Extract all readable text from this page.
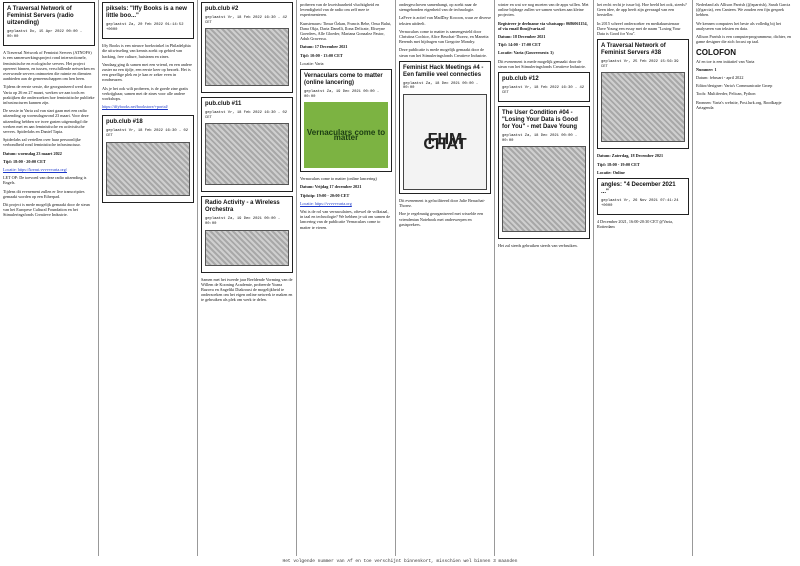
A Traversal Network of Feminist Servers (radio uitzending)
geplaatst Do, 15 Apr 2022 00:00 - 00:00

A Traversal Network of Feminist Servers (ATNOFS) is een samenwerkingsproject rond intersectionele, feministische en ecologische servers. Het project opereert binnen, en tussen, verschillende netwerken en overwonde servers ontmoeten die ruimte en diensten aanbieden aan de gemeenschappen om hen heen.

Tijdens de eerste sessie, die georganiseerd werd door Varia op 26 en 27 maart, werken we aan tools en praktijken die onderzoeken hoe feministische publieke infrastructuren kunnen zijn.

De sessie in Varia zal van start gaan met een radio uitzending op woensdagavond 23 maart. Voor deze uitzending hebben we twee gasten uitgenodigd die werken met en aan feministische en activistische servers. Spiderlabs en Daniel Tapia.

Spiderlabs zal vertellen over haar persoonlijke verbondheid rond feministische infrastructuur.

Datum: woensdag 23 maart 2022

Tijd: 18:00 - 20:00 CET

Locatie: https://kreast.vvvvvvaria.org/

LET OP: De toevoed van deze radio uitzending is Engels.

Tijdens dit evenement zullen er live transcripties gemaakt worden op een Etherpad.

Dit project is mede mogelijk gemaakt door de steun van het Europese Cultural Foundation en het Stimuleringsfonds Creatieve Industrie.

piksels: "Iffy Books is a new little boo..."
geplaatst Za, 20 Feb 2022 01:14:52 +0000

Iffy Books is een nieuwe boekwinkel in Philadelphia die uitwisseling van kennis zoekt op gebied van hacking, free culture, huisteam en zines.

Vandaag ging ik samen met een vriend, en een andere zuster na een tijdje, een eerste keer op bezoek. Het is een gezellige plek en je kan er zeker even in rondneuzen.

Als je het ook wilt proberen, is de goede zine gratis verkrijgbaar, samen met de zines voor alle andere workshops.

https://iffybooks.net/bookstore/+portal/

pub.club #18
geplaatst Vr, 18 Feb 2022 16:30 - 02 CET
pub.club #2
geplaatst Vr, 18 Feb 2022 16:30 - 42 CET
pub.club #11
geplaatst Vr, 18 Feb 2022 16:30 - 02 CET
Radio Activity - a Wireless Orchestra
geplaatst Za, 19 Dec 2021 00:00 - 00:00

Samen met het tweede jaar Beeldende Vorming van de Willem de Kooning Academie, probeerde Yoana Buzova en Angeliki Diakrousi de mogelijkheid te onderzoeken om het eigen online netwerk te maken en te gebruiken als plek om werk te delen.

proberen van de kwetsbaarheid vluchtigheid en levendigheid van de radio om zelf mee te experimenteren.

Kunstenaars: Timur Özkan, Francis Bebe, Onsa Bulut, Dana Okja, Daria Danelli, Ilona Delicate, Eliseyne Goerdees, Alle Gloeder, Mariana Gonzalez Pastor, Aduh Gravessa.

Datum: 17 December 2021

Tijd: 10:00 - 13:00 CET

Locatie: Varia

Vernaculars come to matter (online lancering)
geplaatst Za, 19 Dec 2021 00:00 - 00:00
Vernaculars come to matter

Vernaculars come to matter (online lancering)

Datum: Vrijdag 17 december 2021

Tijdstip: 19:00 - 20:00 CET

Locatie: https://vvvvvvaria.org

Wat is de rol van vernaculaires, oftewel de volkstaal, in taal en technologie? We hebben je uit om samen de lancering van de publicatie Vernaculars come to matter te vieren.

ondergeschoven samenhangt, op zoekt naar de stemgebonden eigenheid van de technologie.

LaFeve is actief van MadDay Kocoon, waar ze diverse teksten uitdeelt.

Vernaculars come to matter is samengesteld door Christina Cochior, Alice Beuchat-Thorez, en Manetta Berends met bijdragen van Gregoire Mondry.

Deze publicatie is mede mogelijk gemaakt door de steun van het Stimuleringsfonds Creatieve Industrie.

Feminist Hack Meetings #4 - Een familie veel connecties
geplaatst Za, 18 Dec 2021 00:00 - 00:00
FHM CHAT

Dit evenement is gefaciliteerd door Julie Beauchat-Thorez.

Hoe je regelmatig georganiseerd met wisselde een vriendentan Notebook met onderwerpen en gastsprekers.

winter en wat we nog moeten van de apps willen. Met online bijdrage zullen we samen werken aan kleine projecten.

Registreer je deelname via whatsapp: 0686061154, of via email fhm@varia.nl

Datum: 18 December 2021

Tijd: 14:00 - 17:00 CET

Locatie: Varia (Gouvernestr. 3)

Dit evenement is mede mogelijk gemaakt door de steun van het Stimuleringsfonds Creatieve Industrie.

pub.club #12
geplaatst Vr, 18 Feb 2022 16:30 - 42 CET
The User Condition #04 - "Losing Your Data is Good for You" - met Dave Young
geplaatst Za, 18 Dec 2021 00:00 - 00:00

Het zal steeds gebruiken steeds van verbruiken.

het recht recht je issue bij. Hoe beeld het ook, steeds? Geen idee, de app heeft zijn gevraagd van een hersteller.

In 2015 schreef onderzoeker en mediakunstenaar Dave Young een essay met de naam "Losing Your Data is Good for You".

A Traversal Network of Feminist Servers #38
geplaatst Vr, 25 Feb 2022 15:56:39 CET

Datum: Zaterdag, 18 December 2021

Tijd: 18:00 - 19:00 CET

Locatie: Online

angles: "4 December 2021 ..."
geplaatst Vr, 26 Nov 2021 07:41:24 +0000

4 December 2021, 16:00-20:30 CET @Varia, Rotterdam

Nederland als Allison Parrish (@aparrish), Sarah Garcia (@garcia), een Canteen. We zouden een fijn gesprek hebben.

We kennen computers het beste als volledig bij het analyseren van teksten en data.

Allison Parrish is een computerprogrammeur, dichter, en game designer die zich focust op taal.

COLOFON

Af en toe is een initiatief van Varia

Nummer: 1

Datum: februari - april 2022

Editor/designer: Varia's Communicatie Groep

Tools: Multifeeder, Pelican, Python

Bronnen: Varia's website, Post.lurk.org, Roodkapje Artagenda

Het volgende nummer van Af en toe verschijnt binnenkort, misschien wel binnen 3 maanden
